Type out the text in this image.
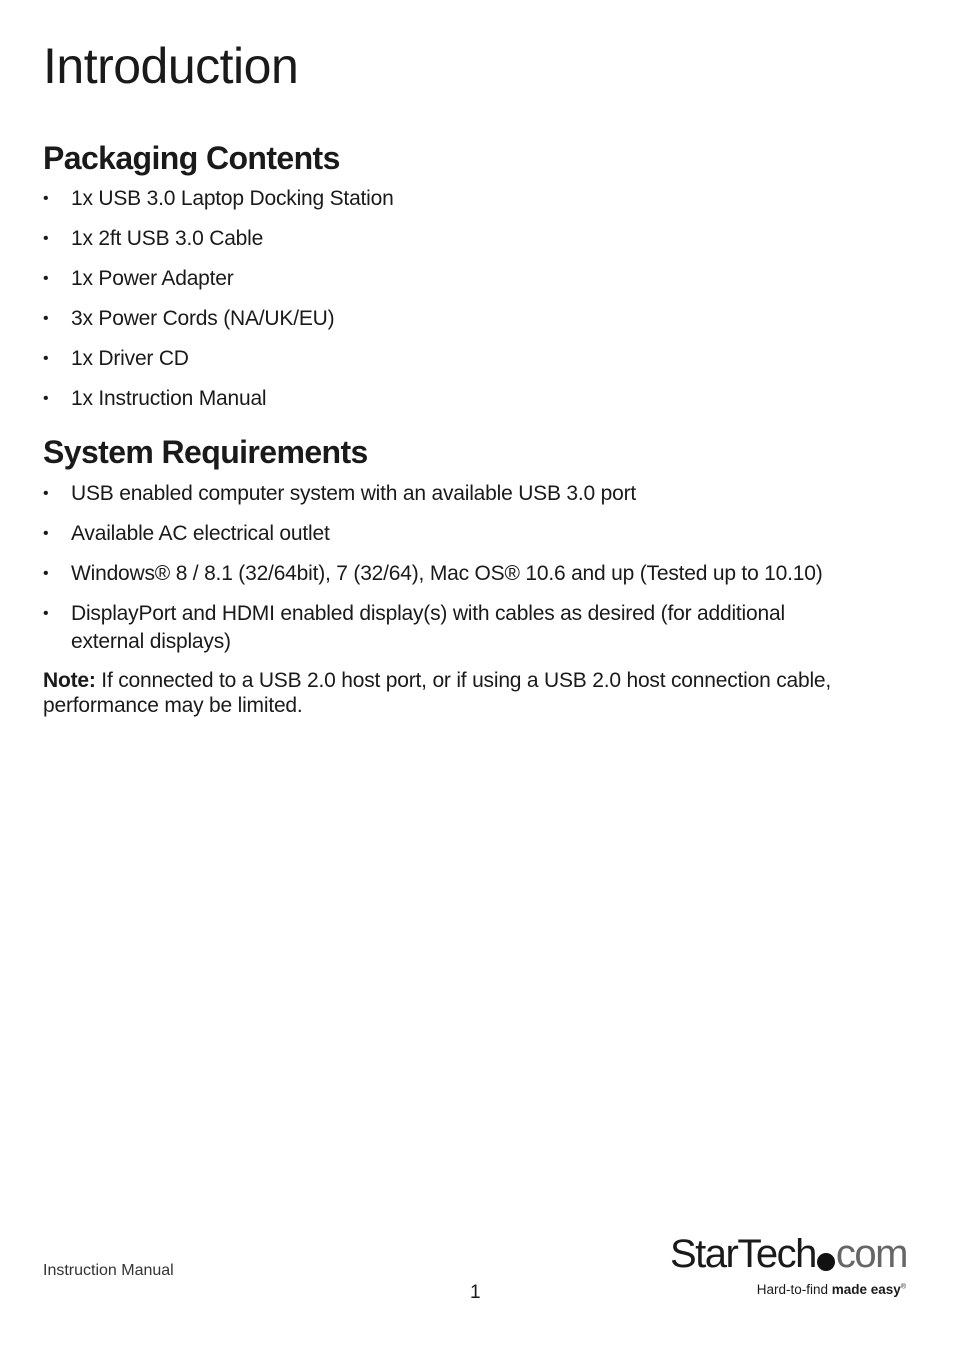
Introduction
Packaging Contents
• 1x USB 3.0 Laptop Docking Station
• 1x 2ft USB 3.0 Cable
• 1x Power Adapter
• 3x Power Cords (NA/UK/EU)
• 1x Driver CD
• 1x Instruction Manual
System Requirements
• USB enabled computer system with an available USB 3.0 port
• Available AC electrical outlet
• Windows® 8 / 8.1 (32/64bit), 7 (32/64), Mac OS® 10.6 and up (Tested up to 10.10)
• DisplayPort and HDMI enabled display(s) with cables as desired (for additional external displays)

Note: If connected to a USB 2.0 host port, or if using a USB 2.0 host connection cable, performance may be limited.

Instruction Manual
1
StarTech com
Hard-to-find made easy®
